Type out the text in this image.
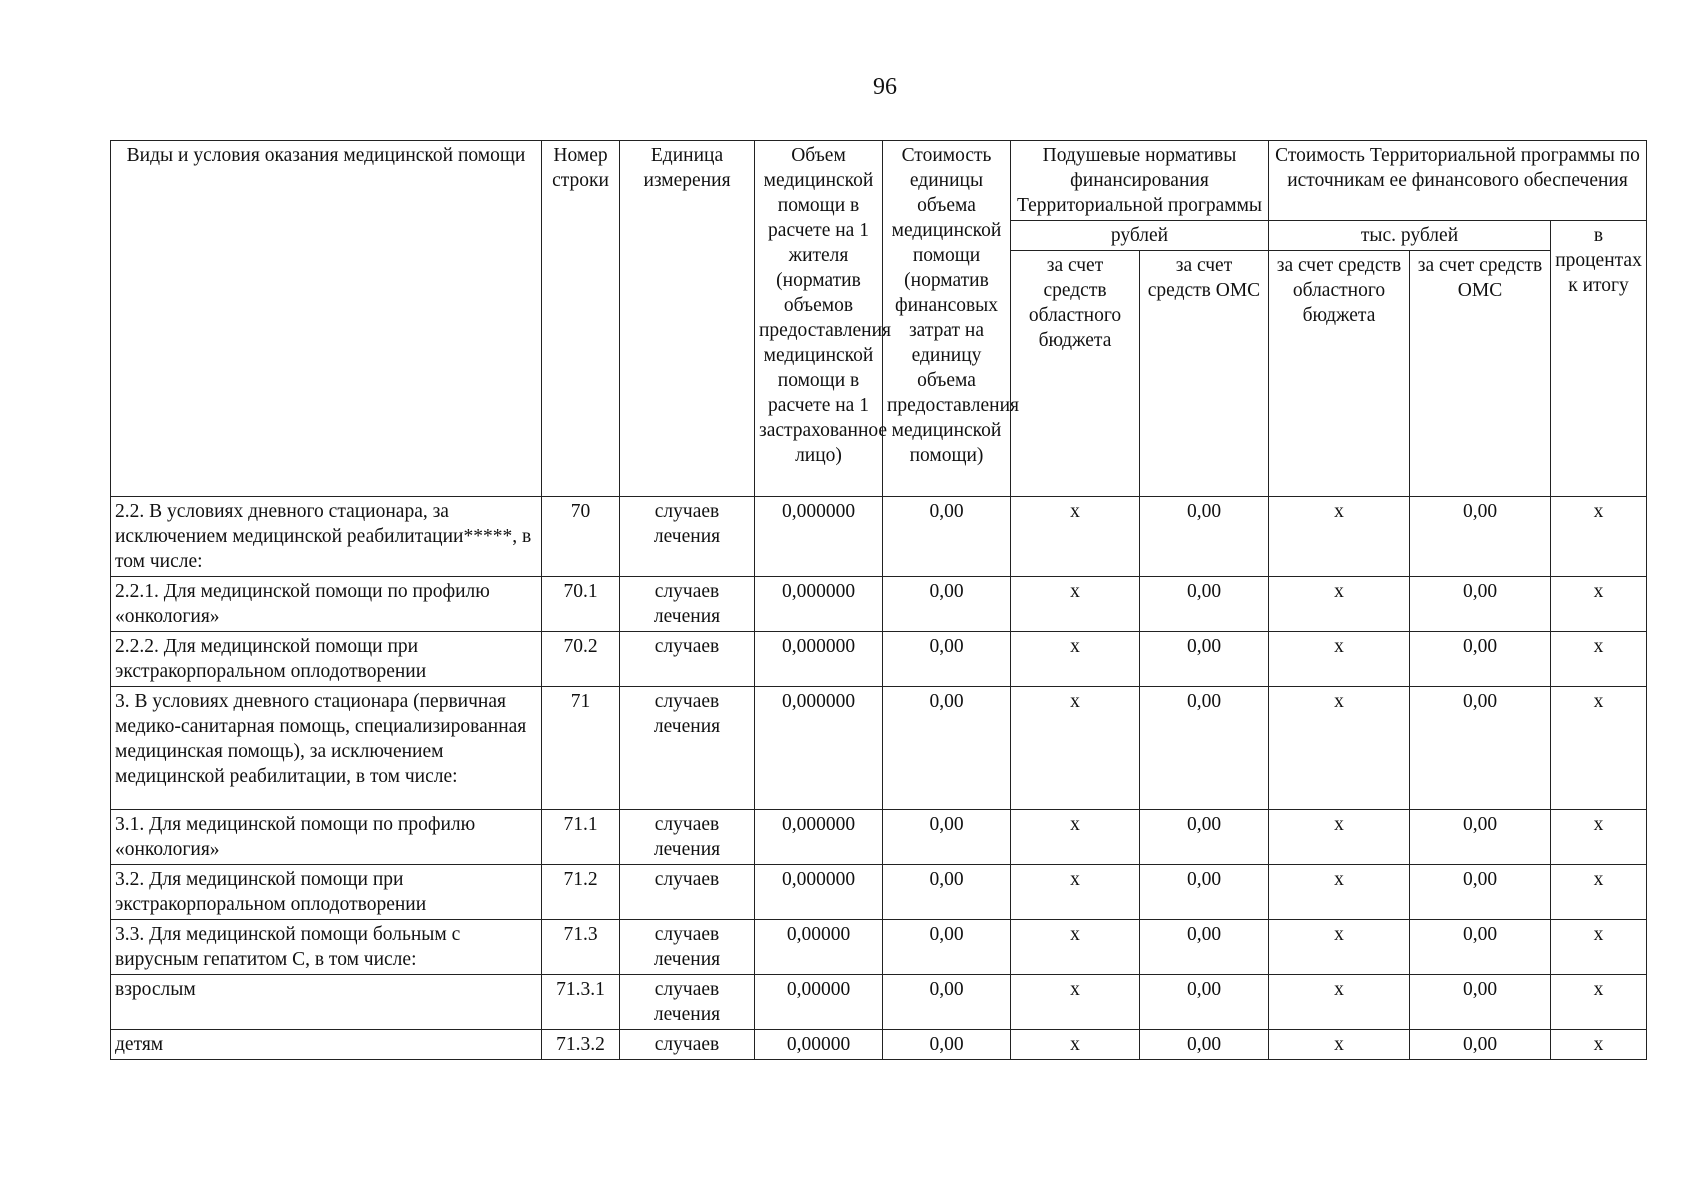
96
Виды и условия оказания медицинской помощи	Номер строки	Единица измерения	Объем медицинской помощи в расчете на 1 жителя (норматив объемов предоставления медицинской помощи в расчете на 1 застрахованное лицо)	Стоимость единицы объема медицинской помощи (норматив финансовых затрат на единицу объема предоставления медицинской помощи)	Подушевые нормативы финансирования Территориальной программы		Стоимость Территориальной программы по источникам ее финансового обеспечения		
					рублей		тыс. рублей		в процентах к итогу
					за счет средств областного бюджета	за счет средств ОМС	за счет средств областного бюджета	за счет средств ОМС	
2.2. В условиях дневного стационара, за исключением медицинской реабилитации*****, в том числе:	70	случаев лечения	0,000000	0,00	x	0,00	x	0,00	x
2.2.1. Для медицинской помощи по профилю «онкология»	70.1	случаев лечения	0,000000	0,00	x	0,00	x	0,00	x
2.2.2. Для медицинской помощи при экстракорпоральном оплодотворении	70.2	случаев	0,000000	0,00	x	0,00	x	0,00	x
3. В условиях дневного стационара (первичная медико-санитарная помощь, специализированная медицинская помощь), за исключением медицинской реабилитации, в том числе:	71	случаев лечения	0,000000	0,00	x	0,00	x	0,00	x
3.1. Для медицинской помощи по профилю «онкология»	71.1	случаев лечения	0,000000	0,00	x	0,00	x	0,00	x
3.2. Для медицинской помощи при экстракорпоральном оплодотворении	71.2	случаев	0,000000	0,00	x	0,00	x	0,00	x
3.3. Для медицинской помощи больным с вирусным гепатитом С, в том числе:	71.3	случаев лечения	0,00000	0,00	x	0,00	x	0,00	x
взрослым	71.3.1	случаев лечения	0,00000	0,00	x	0,00	x	0,00	x
детям	71.3.2	случаев	0,00000	0,00	x	0,00	x	0,00	x
